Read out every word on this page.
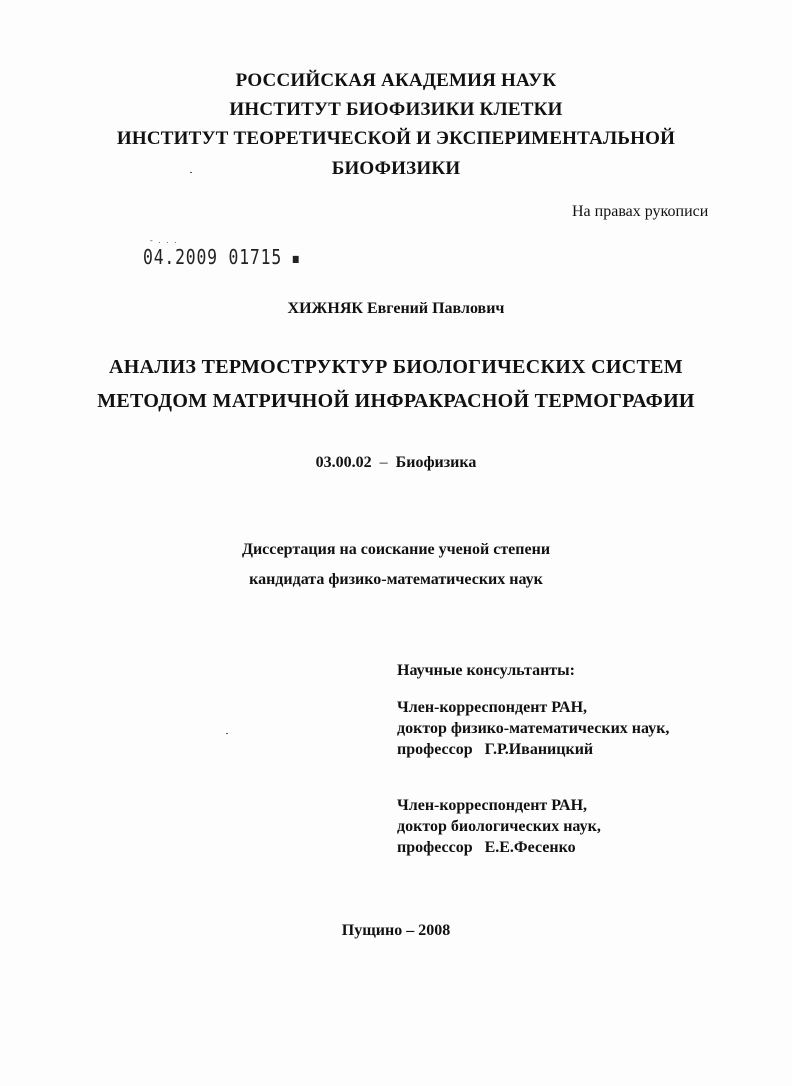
РОССИЙСКАЯ АКАДЕМИЯ НАУК
ИНСТИТУТ БИОФИЗИКИ КЛЕТКИ
ИНСТИТУТ ТЕОРЕТИЧЕСКОЙ И ЭКСПЕРИМЕНТАЛЬНОЙ
БИОФИЗИКИ
На правах рукописи
- . . .
04.2009 01715 ■
ХИЖНЯК Евгений Павлович
АНАЛИЗ ТЕРМОСТРУКТУР БИОЛОГИЧЕСКИХ СИСТЕМ
МЕТОДОМ МАТРИЧНОЙ ИНФРАКРАСНОЙ ТЕРМОГРАФИИ
03.00.02 – Биофизика
Диссертация на соискание ученой степени
кандидата физико-математических наук
Научные консультанты:
Член-корреспондент РАН,
доктор физико-математических наук,
профессор   Г.Р.Иваницкий
Член-корреспондент РАН,
доктор биологических наук,
профессор   Е.Е.Фесенко
Пущино – 2008
